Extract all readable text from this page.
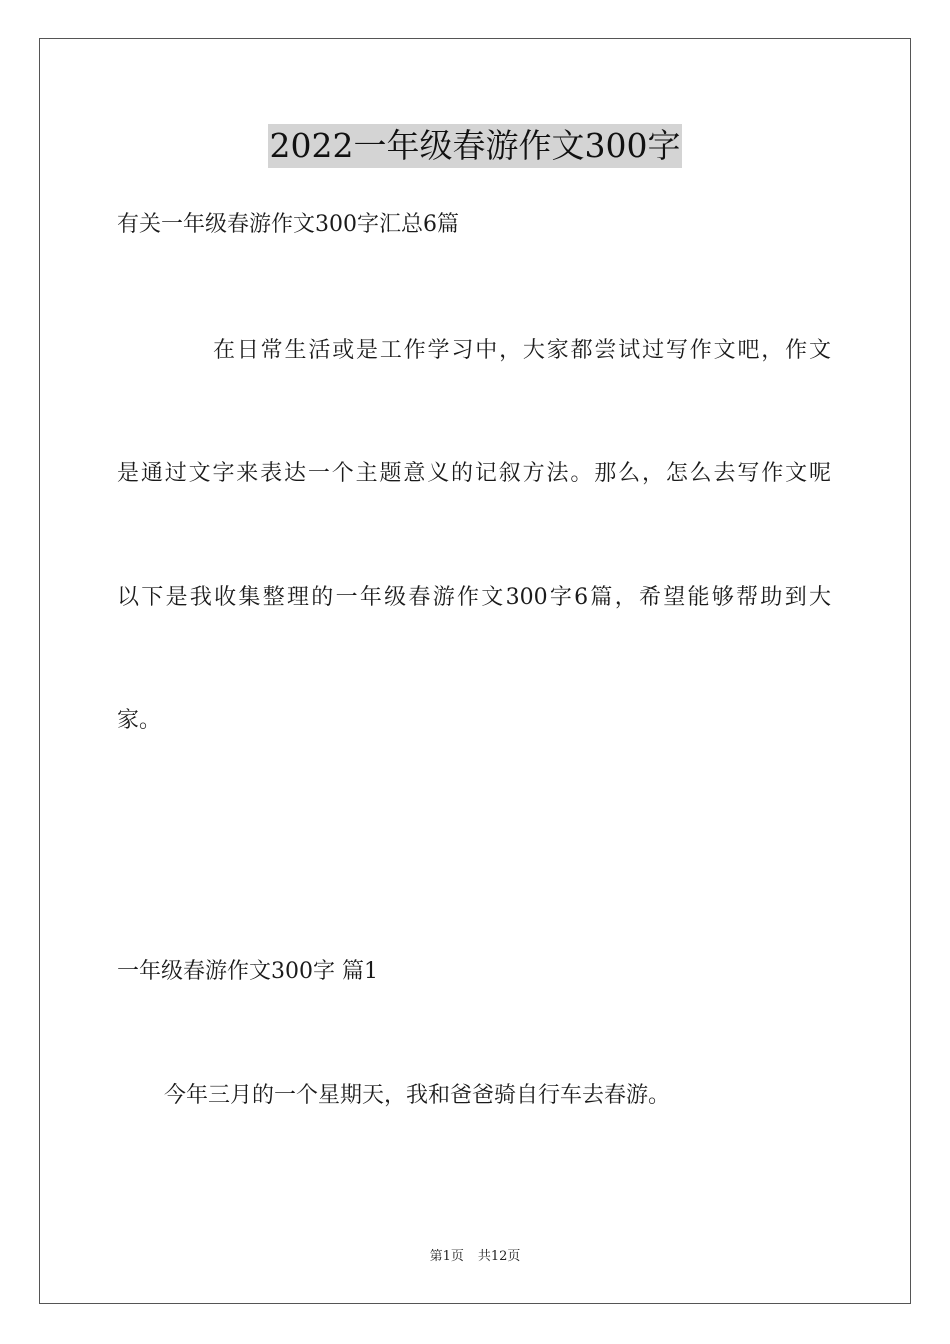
2022一年级春游作文300字
有关一年级春游作文300字汇总6篇
在日常生活或是工作学习中，大家都尝试过写作文吧，作文
是通过文字来表达一个主题意义的记叙方法。那么，怎么去写作文呢
以下是我收集整理的一年级春游作文300字6篇，希望能够帮助到大
家。
一年级春游作文300字 篇1
今年三月的一个星期天，我和爸爸骑自行车去春游。
第1页 共12页
